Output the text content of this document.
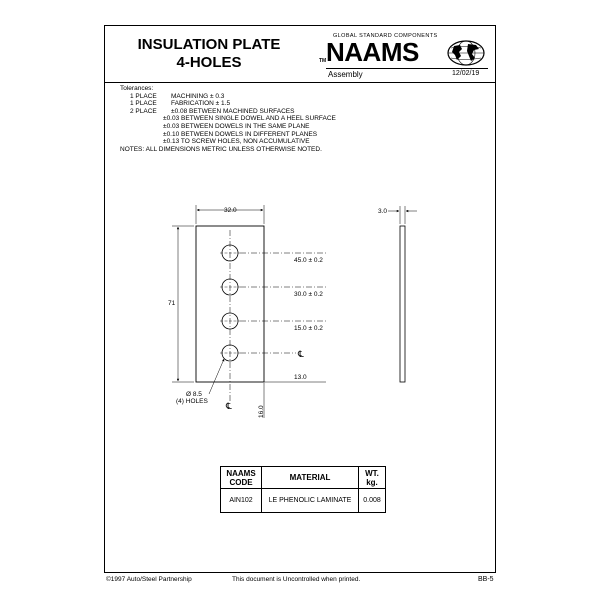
INSULATION PLATE
4-HOLES
GLOBAL STANDARD COMPONENTS
TM NAAMS
Assembly	12/02/19
Tolerances:
1 PLACE MACHINING ± 0.3
1 PLACE FABRICATION ± 1.5
2 PLACE ±0.08 BETWEEN MACHINED SURFACES
±0.03 BETWEEN SINGLE DOWEL AND A HEEL SURFACE
±0.03 BETWEEN DOWELS IN THE SAME PLANE
±0.10 BETWEEN DOWELS IN DIFFERENT PLANES
±0.13 TO SCREW HOLES, NON ACCUMULATIVE
NOTES: ALL DIMENSIONS METRIC UNLESS OTHERWISE NOTED.
32.0
71
45.0 ± 0.2
30.0 ± 0.2
15.0 ± 0.2
℄
13.0
16.0
Ø 8.5
(4) HOLES ℄
3.0
NAAMS CODE	MATERIAL	WT. kg.
AIN102	LE PHENOLIC LAMINATE	0.008
©1997 Auto/Steel Partnership	This document is Uncontrolled when printed.	BB-5
